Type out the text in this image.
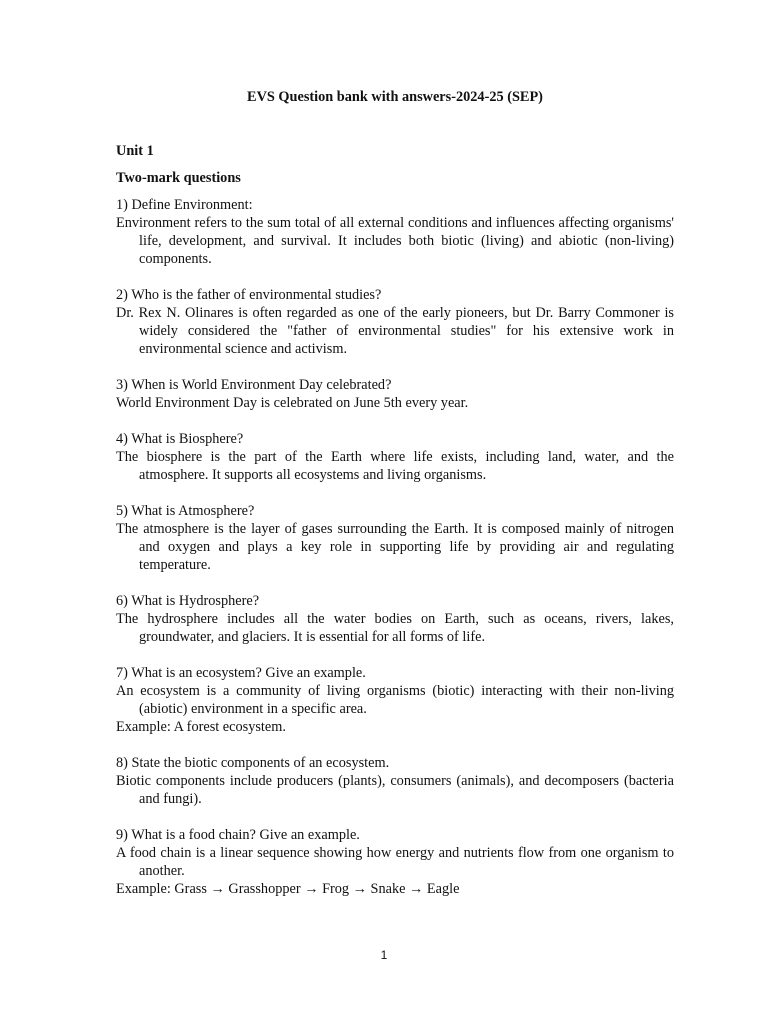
EVS Question bank with answers-2024-25 (SEP)

Unit 1

Two-mark questions

1) Define Environment:

Environment refers to the sum total of all external conditions and influences affecting organisms' life, development, and survival. It includes both biotic (living) and abiotic (non-living) components.

2) Who is the father of environmental studies?

Dr. Rex N. Olinares is often regarded as one of the early pioneers, but Dr. Barry Commoner is widely considered the "father of environmental studies" for his extensive work in environmental science and activism.

3) When is World Environment Day celebrated?

World Environment Day is celebrated on June 5th every year.

4) What is Biosphere?

The biosphere is the part of the Earth where life exists, including land, water, and the atmosphere. It supports all ecosystems and living organisms.

5) What is Atmosphere?

The atmosphere is the layer of gases surrounding the Earth. It is composed mainly of nitrogen and oxygen and plays a key role in supporting life by providing air and regulating temperature.

6) What is Hydrosphere?

The hydrosphere includes all the water bodies on Earth, such as oceans, rivers, lakes, groundwater, and glaciers. It is essential for all forms of life.

7) What is an ecosystem? Give an example.

An ecosystem is a community of living organisms (biotic) interacting with their non-living (abiotic) environment in a specific area.

Example: A forest ecosystem.

8) State the biotic components of an ecosystem.

Biotic components include producers (plants), consumers (animals), and decomposers (bacteria and fungi).

9) What is a food chain? Give an example.

A food chain is a linear sequence showing how energy and nutrients flow from one organism to another.

Example: Grass → Grasshopper → Frog → Snake → Eagle

1
